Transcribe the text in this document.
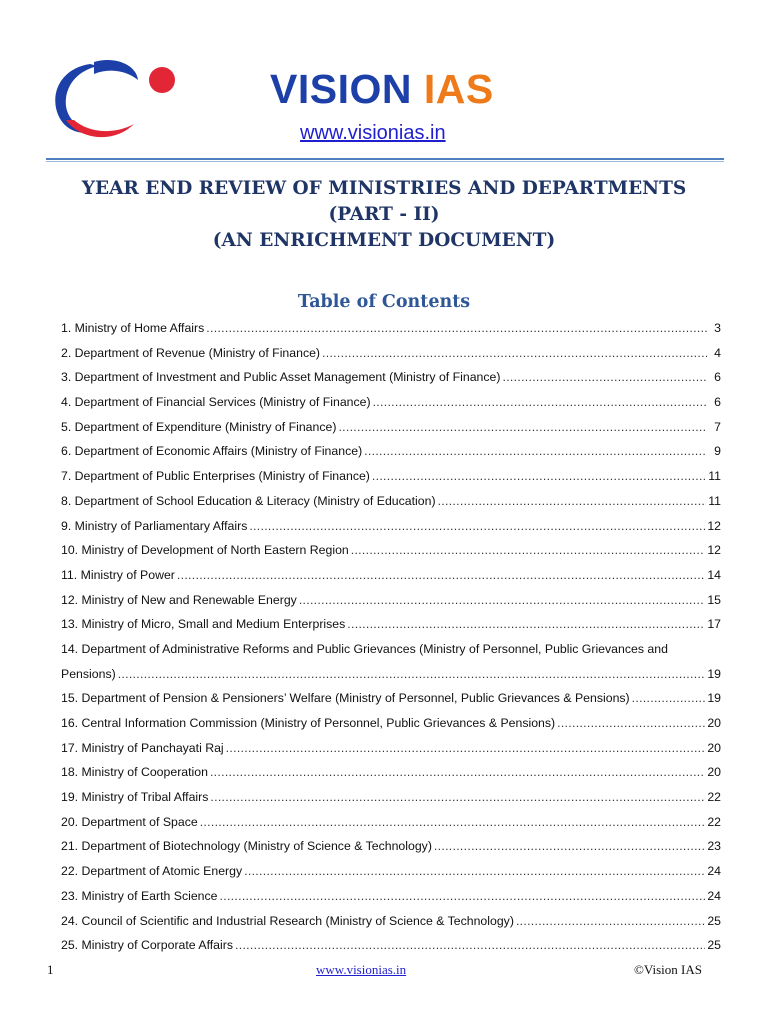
VISION IAS
www.visionias.in
YEAR END REVIEW OF MINISTRIES AND DEPARTMENTS
(PART - II)
(AN ENRICHMENT DOCUMENT)
Table of Contents
1. Ministry of Home Affairs .....	3
2. Department of Revenue (Ministry of Finance) .....	4
3. Department of Investment and Public Asset Management (Ministry of Finance) .....	6
4. Department of Financial Services (Ministry of Finance) .....	6
5. Department of Expenditure (Ministry of Finance) .....	7
6. Department of Economic Affairs (Ministry of Finance) .....	9
7. Department of Public Enterprises (Ministry of Finance) .....	11
8. Department of School Education & Literacy (Ministry of Education) .....	11
9. Ministry of Parliamentary Affairs .....	12
10. Ministry of Development of North Eastern Region .....	12
11. Ministry of Power .....	14
12. Ministry of New and Renewable Energy .....	15
13. Ministry of Micro, Small and Medium Enterprises .....	17
14. Department of Administrative Reforms and Public Grievances (Ministry of Personnel, Public Grievances and
Pensions) .....	19
15. Department of Pension & Pensioners’ Welfare (Ministry of Personnel, Public Grievances & Pensions) .....	19
16. Central Information Commission (Ministry of Personnel, Public Grievances & Pensions) .....	20
17. Ministry of Panchayati Raj .....	20
18. Ministry of Cooperation .....	20
19. Ministry of Tribal Affairs .....	22
20. Department of Space .....	22
21. Department of Biotechnology (Ministry of Science & Technology) .....	23
22. Department of Atomic Energy .....	24
23. Ministry of Earth Science .....	24
24. Council of Scientific and Industrial Research (Ministry of Science & Technology) .....	25
25. Ministry of Corporate Affairs .....	25
1	www.visionias.in	©Vision IAS
